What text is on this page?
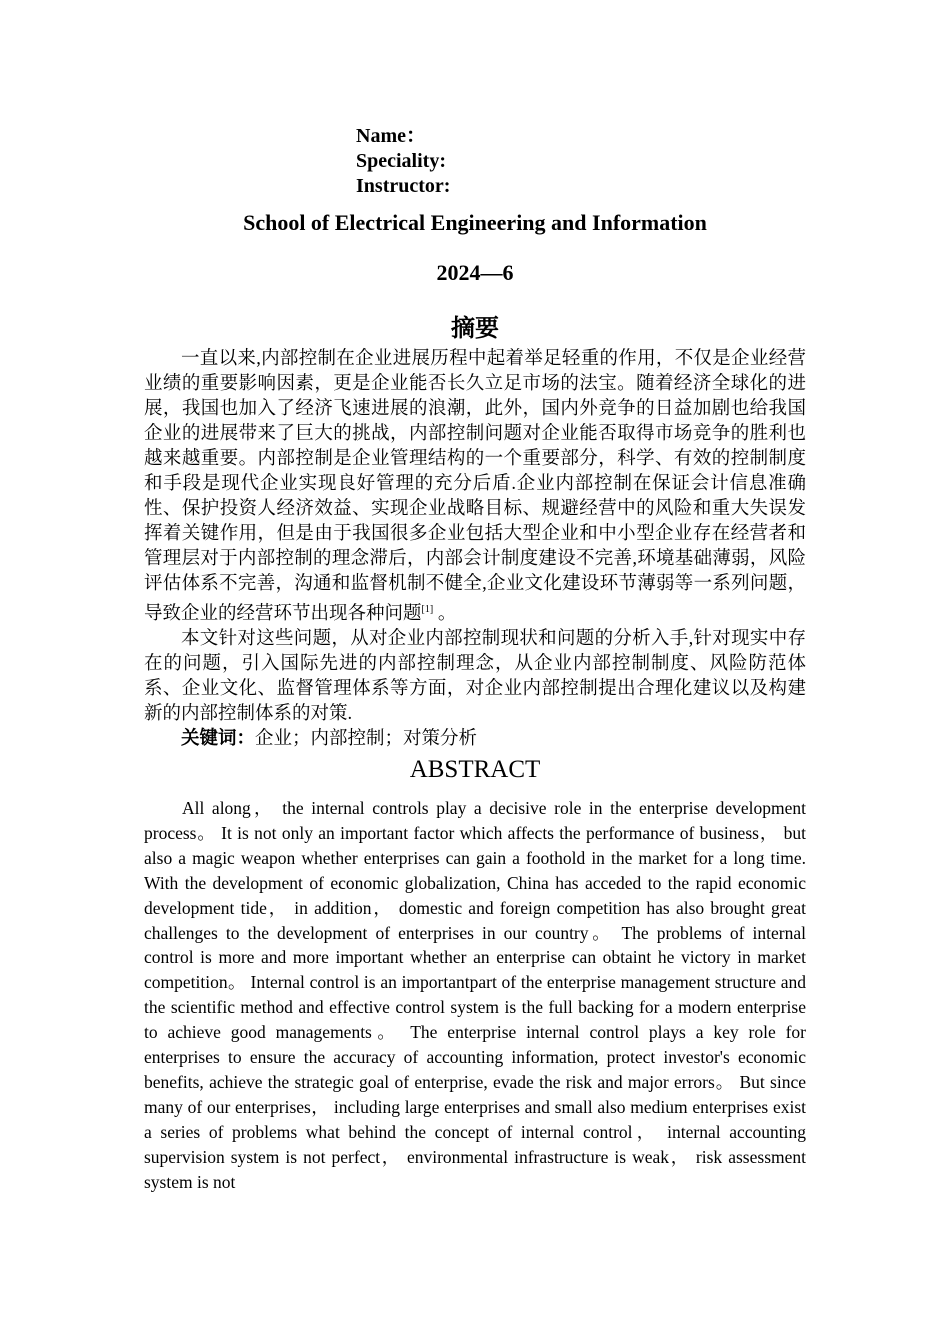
Name：
Speciality:
Instructor:
School of Electrical Engineering and Information
2024—6
摘要

一直以来,内部控制在企业进展历程中起着举足轻重的作用，不仅是企业经营业绩的重要影响因素，更是企业能否长久立足市场的法宝。随着经济全球化的进展，我国也加入了经济飞速进展的浪潮，此外，国内外竞争的日益加剧也给我国企业的进展带来了巨大的挑战，内部控制问题对企业能否取得市场竞争的胜利也越来越重要。内部控制是企业管理结构的一个重要部分，科学、有效的控制制度和手段是现代企业实现良好管理的充分后盾.企业内部控制在保证会计信息准确性、保护投资人经济效益、实现企业战略目标、规避经营中的风险和重大失误发挥着关键作用，但是由于我国很多企业包括大型企业和中小型企业存在经营者和管理层对于内部控制的理念滞后，内部会计制度建设不完善,环境基础薄弱，风险评估体系不完善，沟通和监督机制不健全,企业文化建设环节薄弱等一系列问题，导致企业的经营环节出现各种问题[1] 。

本文针对这些问题，从对企业内部控制现状和问题的分析入手,针对现实中存在的问题，引入国际先进的内部控制理念，从企业内部控制制度、风险防范体系、企业文化、监督管理体系等方面，对企业内部控制提出合理化建议以及构建新的内部控制体系的对策.

关键词：企业；内部控制；对策分析

ABSTRACT

All along， the internal controls play a decisive role in the enterprise development process。 It is not only an important factor which affects the performance of business， but also a magic weapon whether enterprises can gain a foothold in the market for a long time. With the development of economic globalization, China has acceded to the rapid economic development tide， in addition， domestic and foreign competition has also brought great challenges to the development of enterprises in our country。 The problems of internal control is more and more important whether an enterprise can obtaint he victory in market competition。 Internal control is an importantpart of the enterprise management structure and the scientific method and effective control system is the full backing for a modern enterprise to achieve good managements。 The enterprise internal control plays a key role for enterprises to ensure the accuracy of accounting information, protect investor's economic benefits, achieve the strategic goal of enterprise, evade the risk and major errors。 But since many of our enterprises， including large enterprises and small also medium enterprises exist a series of problems what behind the concept of internal control， internal accounting supervision system is not perfect， environmental infrastructure is weak， risk assessment system is not
